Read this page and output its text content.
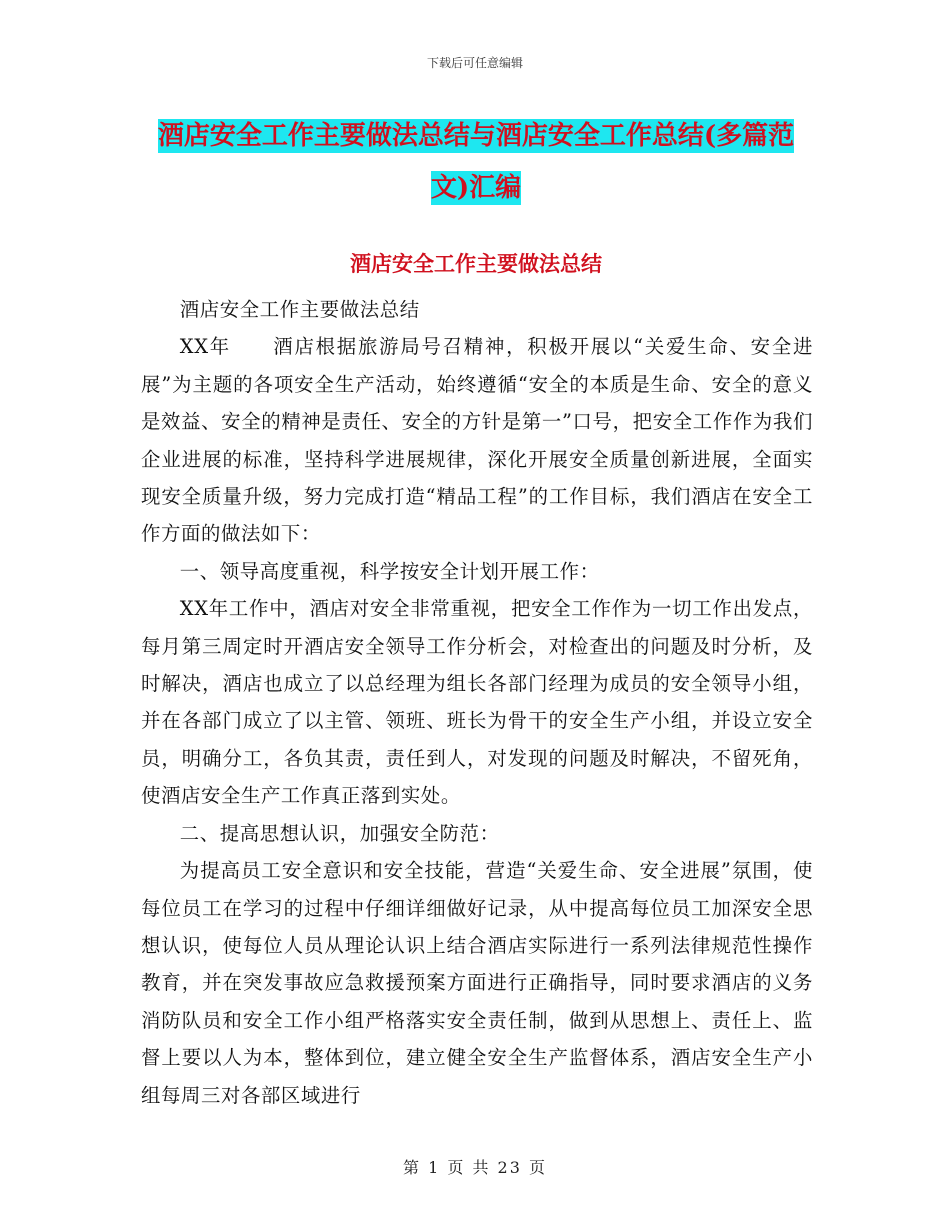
下载后可任意编辑
酒店安全工作主要做法总结与酒店安全工作总结(多篇范文)汇编
酒店安全工作主要做法总结

酒店安全工作主要做法总结

XX年　　酒店根据旅游局号召精神，积极开展以“关爱生命、安全进展”为主题的各项安全生产活动，始终遵循“安全的本质是生命、安全的意义是效益、安全的精神是责任、安全的方针是第一”口号，把安全工作作为我们企业进展的标准，坚持科学进展规律，深化开展安全质量创新进展，全面实现安全质量升级，努力完成打造“精品工程”的工作目标，我们酒店在安全工作方面的做法如下：

一、领导高度重视，科学按安全计划开展工作：

XX年工作中，酒店对安全非常重视，把安全工作作为一切工作出发点，每月第三周定时开酒店安全领导工作分析会，对检查出的问题及时分析，及时解决，酒店也成立了以总经理为组长各部门经理为成员的安全领导小组，并在各部门成立了以主管、领班、班长为骨干的安全生产小组，并设立安全员，明确分工，各负其责，责任到人，对发现的问题及时解决，不留死角，使酒店安全生产工作真正落到实处。

二、提高思想认识，加强安全防范：

为提高员工安全意识和安全技能，营造“关爱生命、安全进展”氛围，使每位员工在学习的过程中仔细详细做好记录，从中提高每位员工加深安全思想认识，使每位人员从理论认识上结合酒店实际进行一系列法律规范性操作教育，并在突发事故应急救援预案方面进行正确指导，同时要求酒店的义务消防队员和安全工作小组严格落实安全责任制，做到从思想上、责任上、监督上要以人为本，整体到位，建立健全安全生产监督体系，酒店安全生产小组每周三对各部区域进行

第 1 页 共 23 页
